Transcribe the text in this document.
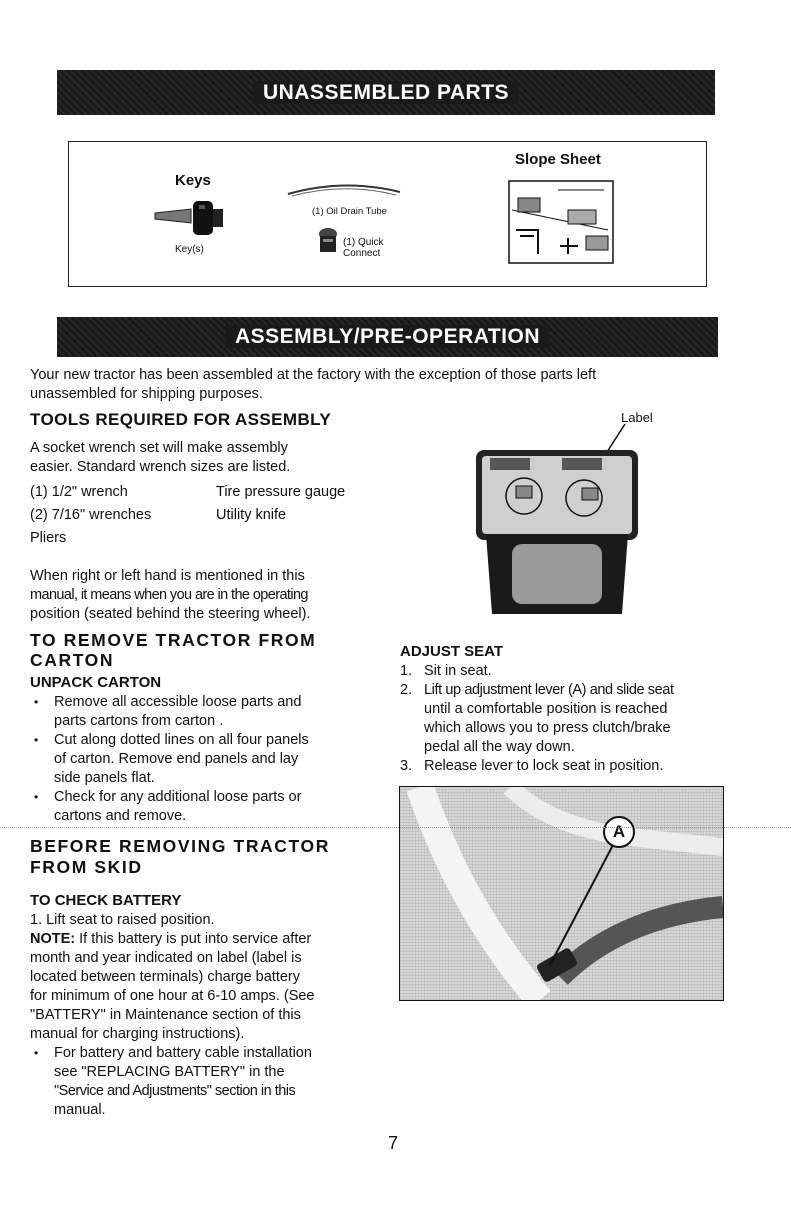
UNASSEMBLED PARTS
Keys
Key(s)
(1) Oil Drain Tube
(1) Quick
Connect
Slope Sheet
ASSEMBLY/PRE-OPERATION

Your new tractor has been assembled at the factory with the exception of those parts left

unassembled for shipping purposes.

TOOLS REQUIRED FOR ASSEMBLY

A socket wrench set will make assembly

easier. Standard wrench sizes are listed.

(1) 1/2" wrench	Tire pressure gauge
(2) 7/16" wrenches	Utility knife
Pliers

When right or left hand is mentioned in this

manual, it means when you are in the operating

position (seated behind the steering wheel).

TO REMOVE TRACTOR FROM

CARTON

UNPACK CARTON

• Remove all accessible loose parts and

parts cartons from carton .

• Cut along dotted lines on all four panels

of carton. Remove end panels and lay

side panels flat.

• Check for any additional loose parts or

cartons and remove.

BEFORE REMOVING TRACTOR

FROM SKID

TO CHECK BATTERY

1. Lift seat to raised position.

NOTE: If this battery is put into service after

month and year indicated on label (label is

located between terminals) charge battery

for minimum of one hour at 6-10 amps. (See

"BATTERY" in Maintenance section of this

manual for charging instructions).

• For battery and battery cable installation

see "REPLACING BATTERY" in the

"Service and Adjustments" section in this

manual.

Label
ADJUST SEAT
1. Sit in seat.

2. Lift up adjustment lever (A) and slide seat

until a comfortable position is reached

which allows you to press clutch/brake

pedal all the way down.

3. Release lever to lock seat in position.

A
7
